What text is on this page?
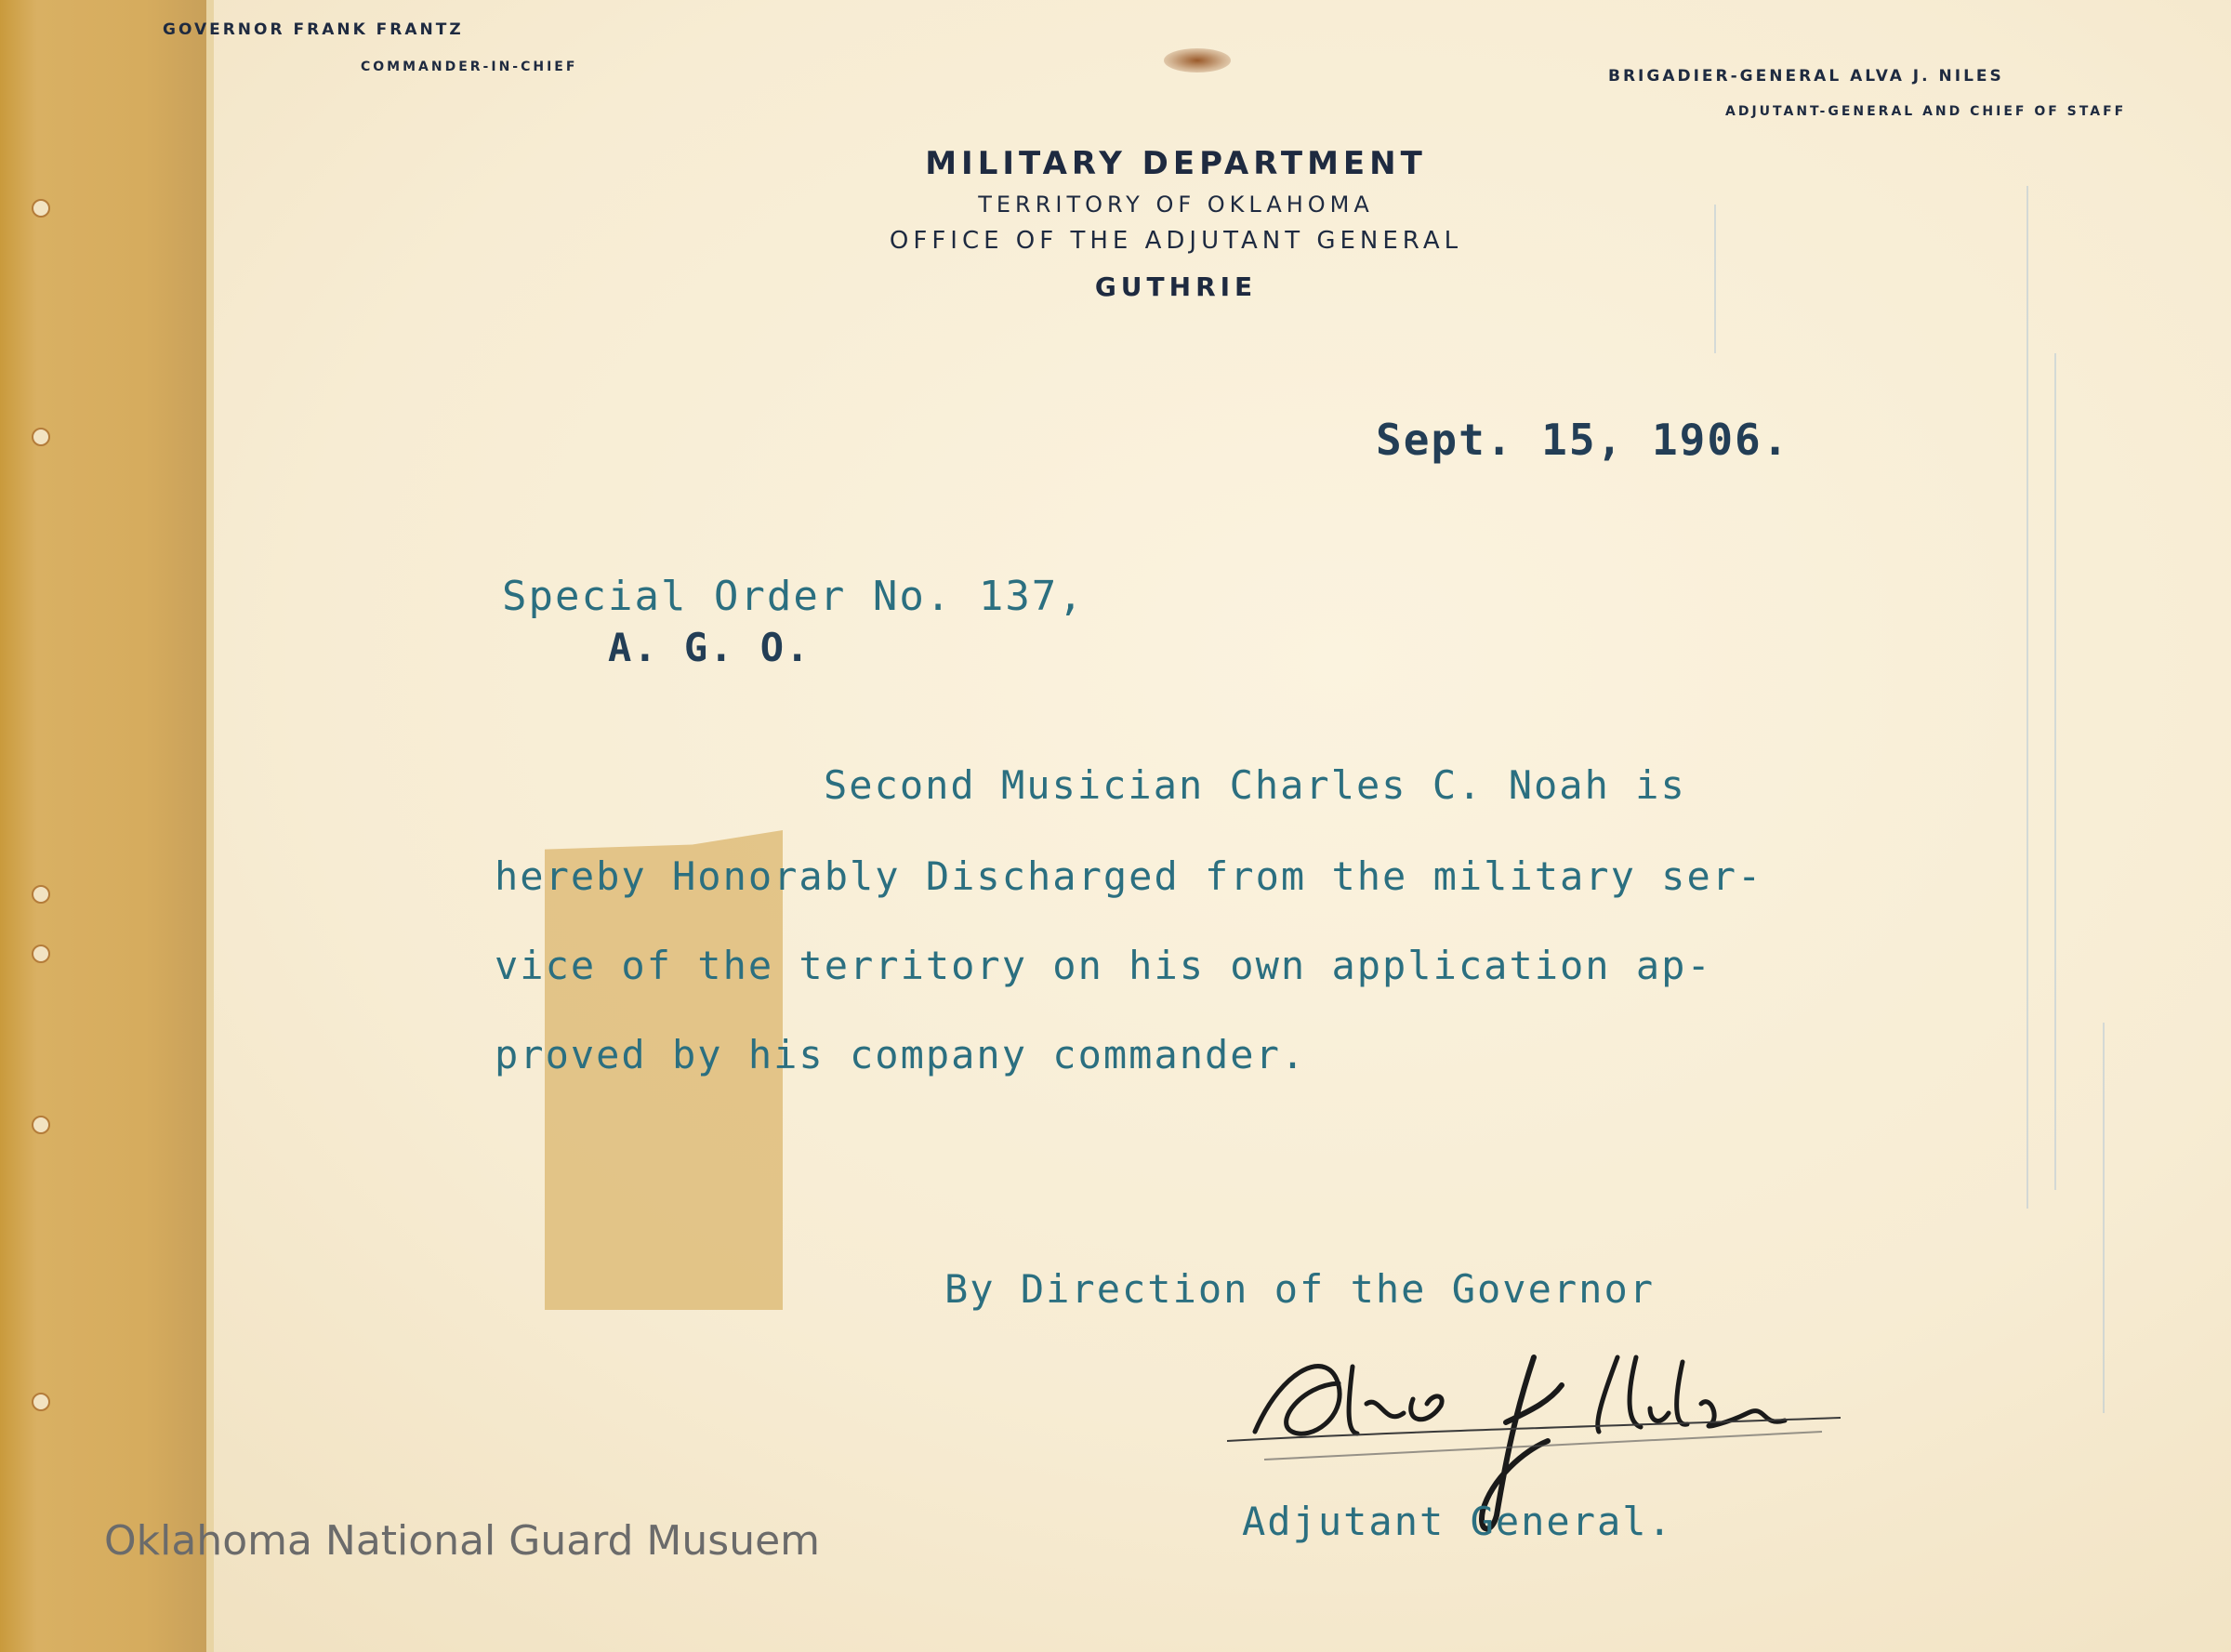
GOVERNOR FRANK FRANTZ
COMMANDER-IN-CHIEF	BRIGADIER-GENERAL ALVA J. NILES
ADJUTANT-GENERAL AND CHIEF OF STAFF
MILITARY DEPARTMENT
TERRITORY OF OKLAHOMA
OFFICE OF THE ADJUTANT GENERAL
GUTHRIE
Sept. 15, 1906.
Special Order No. 137,
A. G. O.
Second Musician Charles C. Noah is
hereby Honorably Discharged from the military ser-
vice of the territory on his own application ap-
proved by his company commander.
By Direction of the Governor
Adjutant General.
Oklahoma National Guard Musuem
